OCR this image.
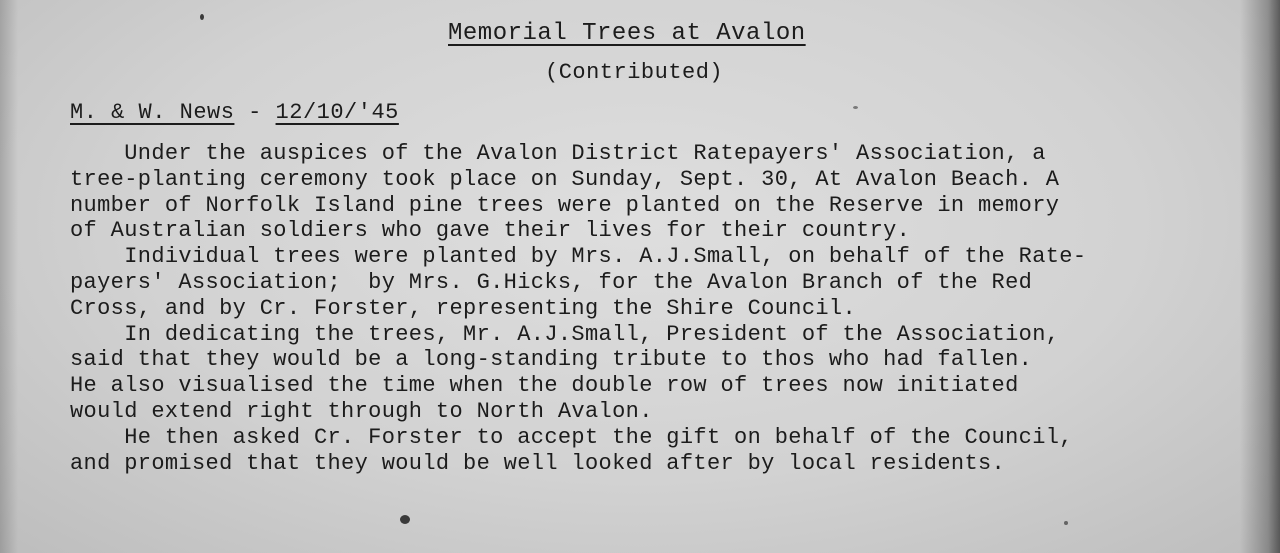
Memorial Trees at Avalon
(Contributed)
M. & W. News - 12/10/'45
Under the auspices of the Avalon District Ratepayers' Association, a
tree-planting ceremony took place on Sunday, Sept. 30, At Avalon Beach. A
number of Norfolk Island pine trees were planted on the Reserve in memory
of Australian soldiers who gave their lives for their country.
Individual trees were planted by Mrs. A.J.Small, on behalf of the Rate-
payers' Association;  by Mrs. G.Hicks, for the Avalon Branch of the Red
Cross, and by Cr. Forster, representing the Shire Council.
In dedicating the trees, Mr. A.J.Small, President of the Association,
said that they would be a long-standing tribute to thos who had fallen.
He also visualised the time when the double row of trees now initiated
would extend right through to North Avalon.
He then asked Cr. Forster to accept the gift on behalf of the Council,
and promised that they would be well looked after by local residents.
